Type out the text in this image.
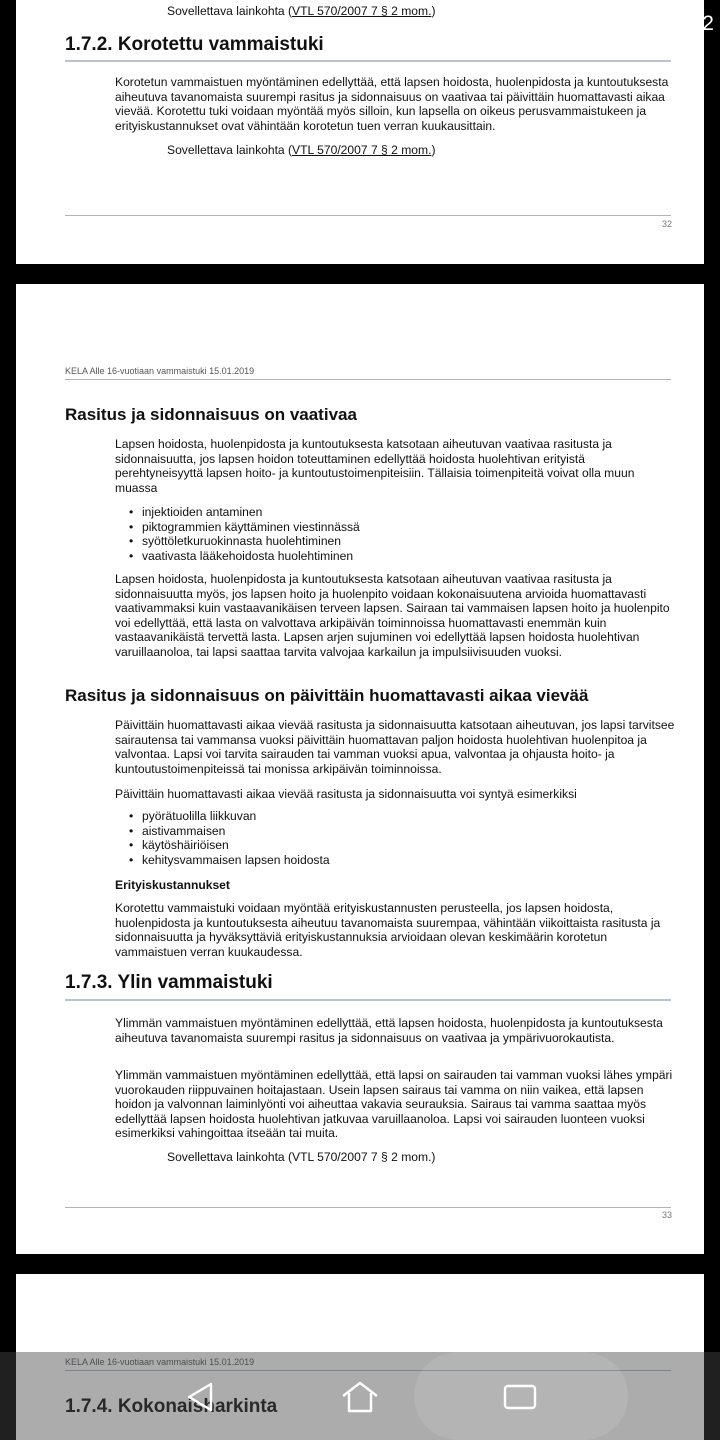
Sovellettava lainkohta (VTL 570/2007 7 § 2 mom.)
1.7.2. Korotettu vammaistuki
Korotetun vammaistuen myöntäminen edellyttää, että lapsen hoidosta, huolenpidosta ja kuntoutuksesta aiheutuva tavanomaista suurempi rasitus ja sidonnaisuus on vaativaa tai päivittäin huomattavasti aikaa vievää. Korotettu tuki voidaan myöntää myös silloin, kun lapsella on oikeus perusvammaistukeen ja erityiskustannukset ovat vähintään korotetun tuen verran kuukausittain.
Sovellettava lainkohta (VTL 570/2007 7 § 2 mom.)
32
KELA Alle 16-vuotiaan vammaistuki 15.01.2019
Rasitus ja sidonnaisuus on vaativaa
Lapsen hoidosta, huolenpidosta ja kuntoutuksesta katsotaan aiheutuvan vaativaa rasitusta ja sidonnaisuutta, jos lapsen hoidon toteuttaminen edellyttää hoidosta huolehtivan erityistä perehtyneisyyttä lapsen hoito- ja kuntoutustoimenpiteisiin. Tällaisia toimenpiteitä voivat olla muun muassa
• injektioiden antaminen
• piktogrammien käyttäminen viestinnässä
• syöttöletkuruokinnasta huolehtiminen
• vaativasta lääkehoidosta huolehtiminen
Lapsen hoidosta, huolenpidosta ja kuntoutuksesta katsotaan aiheutuvan vaativaa rasitusta ja sidonnaisuutta myös, jos lapsen hoito ja huolenpito voidaan kokonaisuutena arvioida huomattavasti vaativammaksi kuin vastaavanikäisen terveen lapsen. Sairaan tai vammaisen lapsen hoito ja huolenpito voi edellyttää, että lasta on valvottava arkipäivän toiminnoissa huomattavasti enemmän kuin vastaavanikäistä tervettä lasta. Lapsen arjen sujuminen voi edellyttää lapsen hoidosta huolehtivan varuillaanoloa, tai lapsi saattaa tarvita valvojaa karkailun ja impulsiivisuuden vuoksi.
Rasitus ja sidonnaisuus on päivittäin huomattavasti aikaa vievää
Päivittäin huomattavasti aikaa vievää rasitusta ja sidonnaisuutta katsotaan aiheutuvan, jos lapsi tarvitsee sairautensa tai vammansa vuoksi päivittäin huomattavan paljon hoidosta huolehtivan huolenpitoa ja valvontaa. Lapsi voi tarvita sairauden tai vamman vuoksi apua, valvontaa ja ohjausta hoito- ja kuntoutustoimenpiteissä tai monissa arkipäivän toiminnoissa.
Päivittäin huomattavasti aikaa vievää rasitusta ja sidonnaisuutta voi syntyä esimerkiksi
• pyörätuolilla liikkuvan
• aistivammaisen
• käytöshäiriöisen
• kehitysvammaisen lapsen hoidosta
Erityiskustannukset
Korotettu vammaistuki voidaan myöntää erityiskustannusten perusteella, jos lapsen hoidosta, huolenpidosta ja kuntoutuksesta aiheutuu tavanomaista suurempaa, vähintään viikoittaista rasitusta ja sidonnaisuutta ja hyväksyttäviä erityiskustannuksia arvioidaan olevan keskimäärin korotetun vammaistuen verran kuukaudessa.
1.7.3. Ylin vammaistuki
Ylimmän vammaistuen myöntäminen edellyttää, että lapsen hoidosta, huolenpidosta ja kuntoutuksesta aiheutuva tavanomaista suurempi rasitus ja sidonnaisuus on vaativaa ja ympärivuorokautista.
Ylimmän vammaistuen myöntäminen edellyttää, että lapsi on sairauden tai vamman vuoksi lähes ympäri vuorokauden riippuvainen hoitajastaan. Usein lapsen sairaus tai vamma on niin vaikea, että lapsen hoidon ja valvonnan laiminlyönti voi aiheuttaa vakavia seurauksia. Sairaus tai vamma saattaa myös edellyttää lapsen hoidosta huolehtivan jatkuvaa varuillaanoloa. Lapsi voi sairauden luonteen vuoksi esimerkiksi vahingoittaa itseään tai muita.
Sovellettava lainkohta (VTL 570/2007 7 § 2 mom.)
33
KELA Alle 16-vuotiaan vammaistuki 15.01.2019
1.7.4. Kokonaisharkinta
26% 18.32
